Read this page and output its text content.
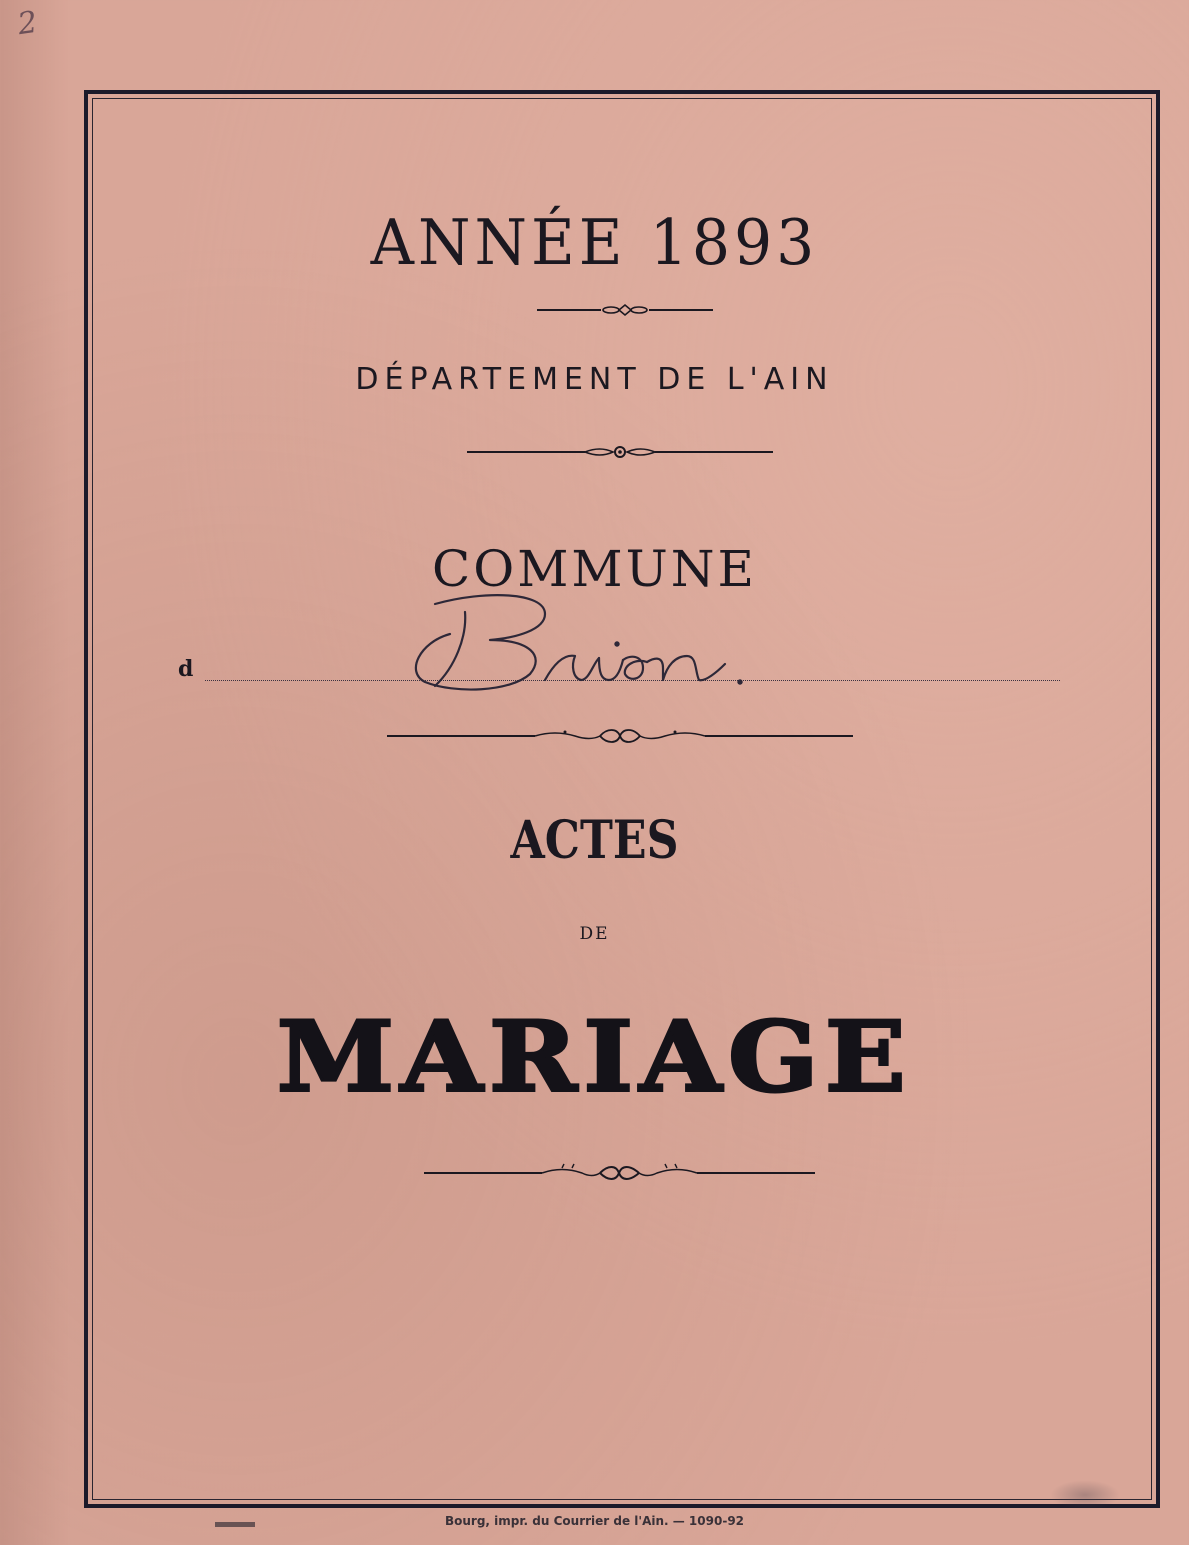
2
ANNÉE 1893
DÉPARTEMENT DE L'AIN
COMMUNE
d
ACTES
DE
MARIAGE
Bourg, impr. du Courrier de l'Ain. — 1090-92
